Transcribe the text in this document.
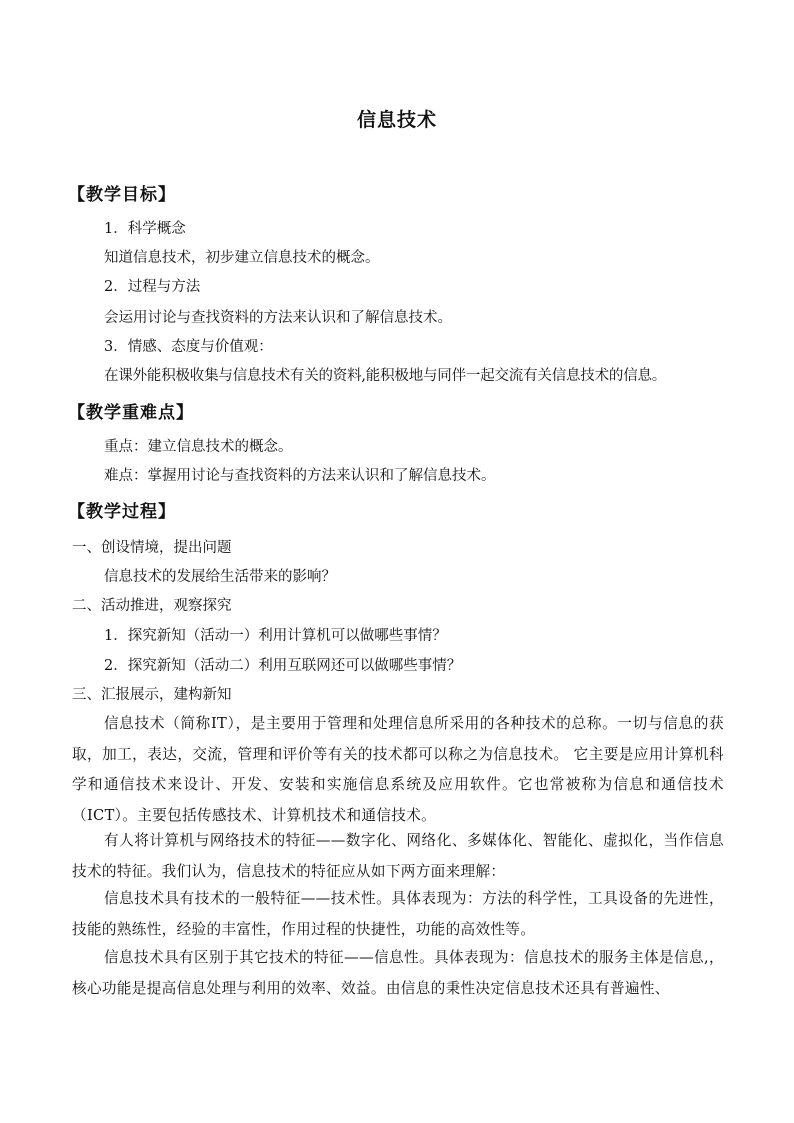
信息技术
【教学目标】
1．科学概念
知道信息技术，初步建立信息技术的概念。
2．过程与方法
会运用讨论与查找资料的方法来认识和了解信息技术。
3．情感、态度与价值观：
在课外能积极收集与信息技术有关的资料,能积极地与同伴一起交流有关信息技术的信息。
【教学重难点】
重点：建立信息技术的概念。
难点：掌握用讨论与查找资料的方法来认识和了解信息技术。
【教学过程】
一、创设情境，提出问题
信息技术的发展给生活带来的影响？
二、活动推进，观察探究
1．探究新知（活动一）利用计算机可以做哪些事情？
2．探究新知（活动二）利用互联网还可以做哪些事情？
三、汇报展示，建构新知
信息技术（简称IT），是主要用于管理和处理信息所采用的各种技术的总称。一切与信息的获取，加工，表达，交流，管理和评价等有关的技术都可以称之为信息技术。 它主要是应用计算机科学和通信技术来设计、开发、安装和实施信息系统及应用软件。它也常被称为信息和通信技术（ICT）。主要包括传感技术、计算机技术和通信技术。
有人将计算机与网络技术的特征——数字化、网络化、多媒体化、智能化、虚拟化，当作信息技术的特征。我们认为，信息技术的特征应从如下两方面来理解：
信息技术具有技术的一般特征——技术性。具体表现为：方法的科学性，工具设备的先进性，技能的熟练性，经验的丰富性，作用过程的快捷性，功能的高效性等。
信息技术具有区别于其它技术的特征——信息性。具体表现为：信息技术的服务主体是信息,，核心功能是提高信息处理与利用的效率、效益。由信息的秉性决定信息技术还具有普遍性、
